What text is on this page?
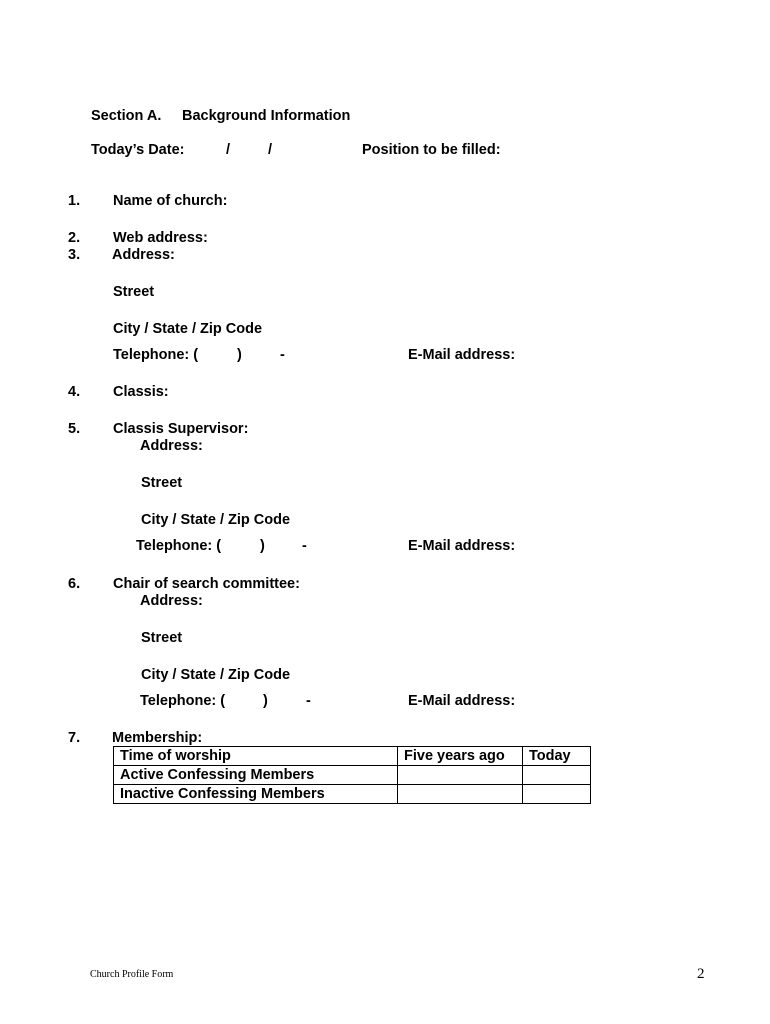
Section A. Background Information
Today’s Date:	/	/	Position to be filled:
1. Name of church:
2. Web address:
3. Address:
Street
City / State / Zip Code
Telephone: (	)	-	E-Mail address:
4. Classis:
5. Classis Supervisor:
Address:
Street
City / State / Zip Code
Telephone: (	)	-	E-Mail address:
6. Chair of search committee:
Address:
Street
City / State / Zip Code
Telephone: (	)	-	E-Mail address:
7. Membership:
Time of worship	Five years ago	Today
Active Confessing Members		
Inactive Confessing Members		
Church Profile Form	2
